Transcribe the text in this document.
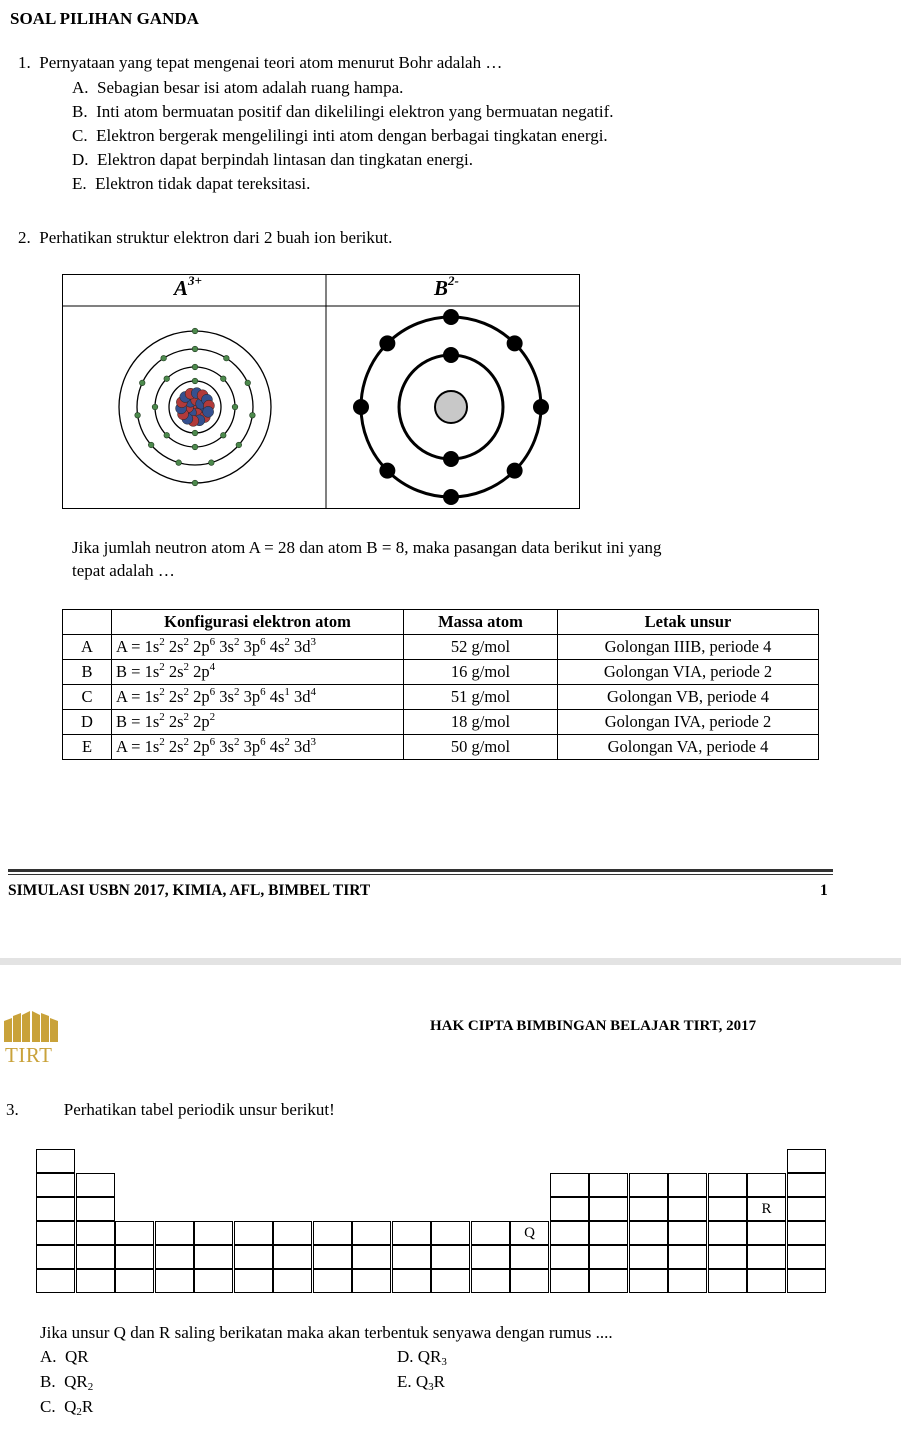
SOAL PILIHAN GANDA
1. Pernyataan yang tepat mengenai teori atom menurut Bohr adalah …
A. Sebagian besar isi atom adalah ruang hampa.
B. Inti atom bermuatan positif dan dikelilingi elektron yang bermuatan negatif.
C. Elektron bergerak mengelilingi inti atom dengan berbagai tingkatan energi.
D. Elektron dapat berpindah lintasan dan tingkatan energi.
E. Elektron tidak dapat tereksitasi.
2. Perhatikan struktur elektron dari 2 buah ion berikut.
$A^{3+}$	$B^{2-}$
Jika jumlah neutron atom A = 28 dan atom B = 8, maka pasangan data berikut ini yang
tepat adalah …
	Konfigurasi elektron atom	Massa atom	Letak unsur
A	$A = 1s^2$ $2s^2$ $2p^6$ $3s^2$ $3p^6$ $4s^2$ $3d^3$	52 g/mol	Golongan IIIB, periode 4
B	$B = 1s^2$ $2s^2$ $2p^4$	16 g/mol	Golongan VIA, periode 2
C	$A = 1s^2$ $2s^2$ $2p^6$ $3s^2$ $3p^6$ $4s^1$ $3d^4$	51 g/mol	Golongan VB, periode 4
D	$B = 1s^2$ $2s^2$ $2p^2$	18 g/mol	Golongan IVA, periode 2
E	$A = 1s^2$ $2s^2$ $2p^6$ $3s^2$ $3p^6$ $4s^2$ $3d^3$	50 g/mol	Golongan VA, periode 4
SIMULASI USBN 2017, KIMIA, AFL, BIMBEL TIRT	1
TIRT
HAK CIPTA BIMBINGAN BELAJAR TIRT, 2017
3.	Perhatikan tabel periodik unsur berikut!
R
Q
Jika unsur Q dan R saling berikatan maka akan terbentuk senyawa dengan rumus ....
A. QR
B. $QR_2$
C. $Q_2R$
D. $QR_3$
E. $Q_3R$
